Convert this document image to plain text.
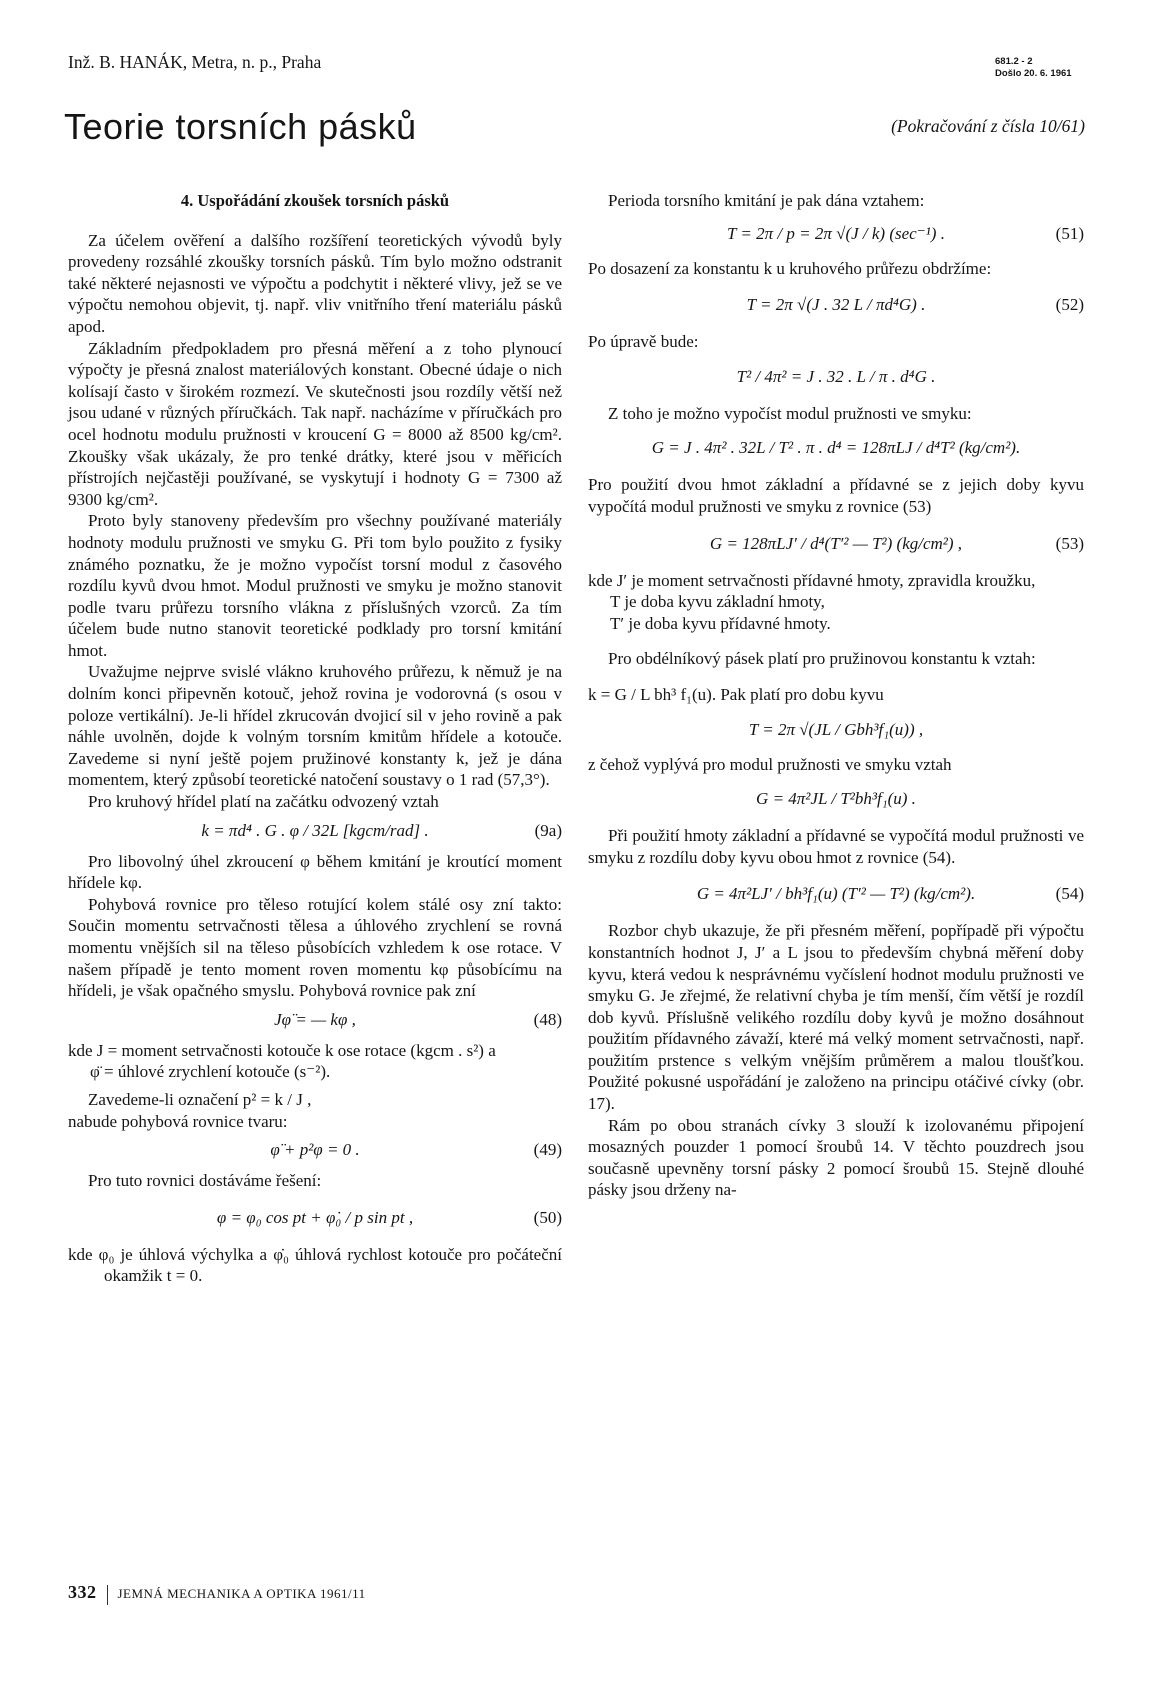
Inž. B. HANÁK, Metra, n. p., Praha	681.2 - 2
Došlo 20. 6. 1961
Teorie torsních pásků	(Pokračování z čísla 10/61)
4. Uspořádání zkoušek torsních pásků

Za účelem ověření a dalšího rozšíření teoretických vývodů byly provedeny rozsáhlé zkoušky torsních pásků. Tím bylo možno odstranit také některé nejasnosti ve výpočtu a podchytit i některé vlivy, jež se ve výpočtu nemohou objevit, tj. např. vliv vnitřního tření materiálu pásků apod.

Základním předpokladem pro přesná měření a z toho plynoucí výpočty je přesná znalost materiálových konstant. Obecné údaje o nich kolísají často v širokém rozmezí. Ve skutečnosti jsou rozdíly větší než jsou udané v různých příručkách. Tak např. nacházíme v příručkách pro ocel hodnotu modulu pružnosti v kroucení G = 8000 až 8500 kg/cm². Zkoušky však ukázaly, že pro tenké drátky, které jsou v měřicích přístrojích nejčastěji používané, se vyskytují i hodnoty G = 7300 až 9300 kg/cm².

Proto byly stanoveny především pro všechny používané materiály hodnoty modulu pružnosti ve smyku G. Při tom bylo použito z fysiky známého poznatku, že je možno vypočíst torsní modul z časového rozdílu kyvů dvou hmot. Modul pružnosti ve smyku je možno stanovit podle tvaru průřezu torsního vlákna z příslušných vzorců. Za tím účelem bude nutno stanovit teoretické podklady pro torsní kmitání hmot.

Uvažujme nejprve svislé vlákno kruhového průřezu, k němuž je na dolním konci připevněn kotouč, jehož rovina je vodorovná (s osou v poloze vertikální). Je-li hřídel zkrucován dvojicí sil v jeho rovině a pak náhle uvolněn, dojde k volným torsním kmitům hřídele a kotouče. Zavedeme si nyní ještě pojem pružinové konstanty k, jež je dána momentem, který způsobí teoretické natočení soustavy o 1 rad (57,3°).

Pro kruhový hřídel platí na začátku odvozený vztah

k = πd⁴ . G . φ / 32L [kgcm/rad] .	(9a)

Pro libovolný úhel zkroucení φ během kmitání je kroutící moment hřídele kφ.

Pohybová rovnice pro těleso rotující kolem stálé osy zní takto: Součin momentu setrvačnosti tělesa a úhlového zrychlení se rovná momentu vnějších sil na těleso působících vzhledem k ose rotace. V našem případě je tento moment roven momentu kφ působícímu na hřídeli, je však opačného smyslu. Pohybová rovnice pak zní

Jφ̈ = — kφ ,	(48)

kde J = moment setrvačnosti kotouče k ose rotace (kgcm . s²) a

φ̈ = úhlové zrychlení kotouče (s⁻²).

Zavedeme-li označení p² = k / J ,

nabude pohybová rovnice tvaru:

φ̈ + p²φ = 0 .	(49)

Pro tuto rovnici dostáváme řešení:

φ = φ₀ cos pt + φ̇₀ / p sin pt ,	(50)

kde φ₀ je úhlová výchylka a φ̇₀ úhlová rychlost kotouče pro počáteční okamžik t = 0.

Perioda torsního kmitání je pak dána vztahem:

T = 2π / p = 2π √(J / k) (sec⁻¹) .	(51)

Po dosazení za konstantu k u kruhového průřezu obdržíme:

T = 2π √(J . 32 L / πd⁴G) .	(52)

Po úpravě bude:

T² / 4π² = J . 32 . L / π . d⁴G .

Z toho je možno vypočíst modul pružnosti ve smyku:

G = J . 4π² . 32L / T² . π . d⁴ = 128πLJ / d⁴T² (kg/cm²).

Pro použití dvou hmot základní a přídavné se z jejich doby kyvu vypočítá modul pružnosti ve smyku z rovnice (53)

G = 128πLJ′ / d⁴(T′² — T²) (kg/cm²) ,	(53)

kde J′ je moment setrvačnosti přídavné hmoty, zpravidla kroužku,

T je doba kyvu základní hmoty,

T′ je doba kyvu přídavné hmoty.

Pro obdélníkový pásek platí pro pružinovou konstantu k vztah:

k = G / L bh³ f₁(u). Pak platí pro dobu kyvu

T = 2π √(JL / Gbh³f₁(u)) ,

z čehož vyplývá pro modul pružnosti ve smyku vztah

G = 4π²JL / T²bh³f₁(u) .

Při použití hmoty základní a přídavné se vypočítá modul pružnosti ve smyku z rozdílu doby kyvu obou hmot z rovnice (54).

G = 4π²LJ′ / bh³f₁(u) (T′² — T²) (kg/cm²).	(54)

Rozbor chyb ukazuje, že při přesném měření, popřípadě při výpočtu konstantních hodnot J, J′ a L jsou to především chybná měření doby kyvu, která vedou k nesprávnému vyčíslení hodnot modulu pružnosti ve smyku G. Je zřejmé, že relativní chyba je tím menší, čím větší je rozdíl dob kyvů. Příslušně velikého rozdílu doby kyvů je možno dosáhnout použitím přídavného závaží, které má velký moment setrvačnosti, např. použitím prstence s velkým vnějším průměrem a malou tloušťkou. Použité pokusné uspořádání je založeno na principu otáčivé cívky (obr. 17).

Rám po obou stranách cívky 3 slouží k izolovanému připojení mosazných pouzder 1 pomocí šroubů 14. V těchto pouzdrech jsou současně upevněny torsní pásky 2 pomocí šroubů 15. Stejně dlouhé pásky jsou drženy na-

332 JEMNÁ MECHANIKA A OPTIKA 1961/11
